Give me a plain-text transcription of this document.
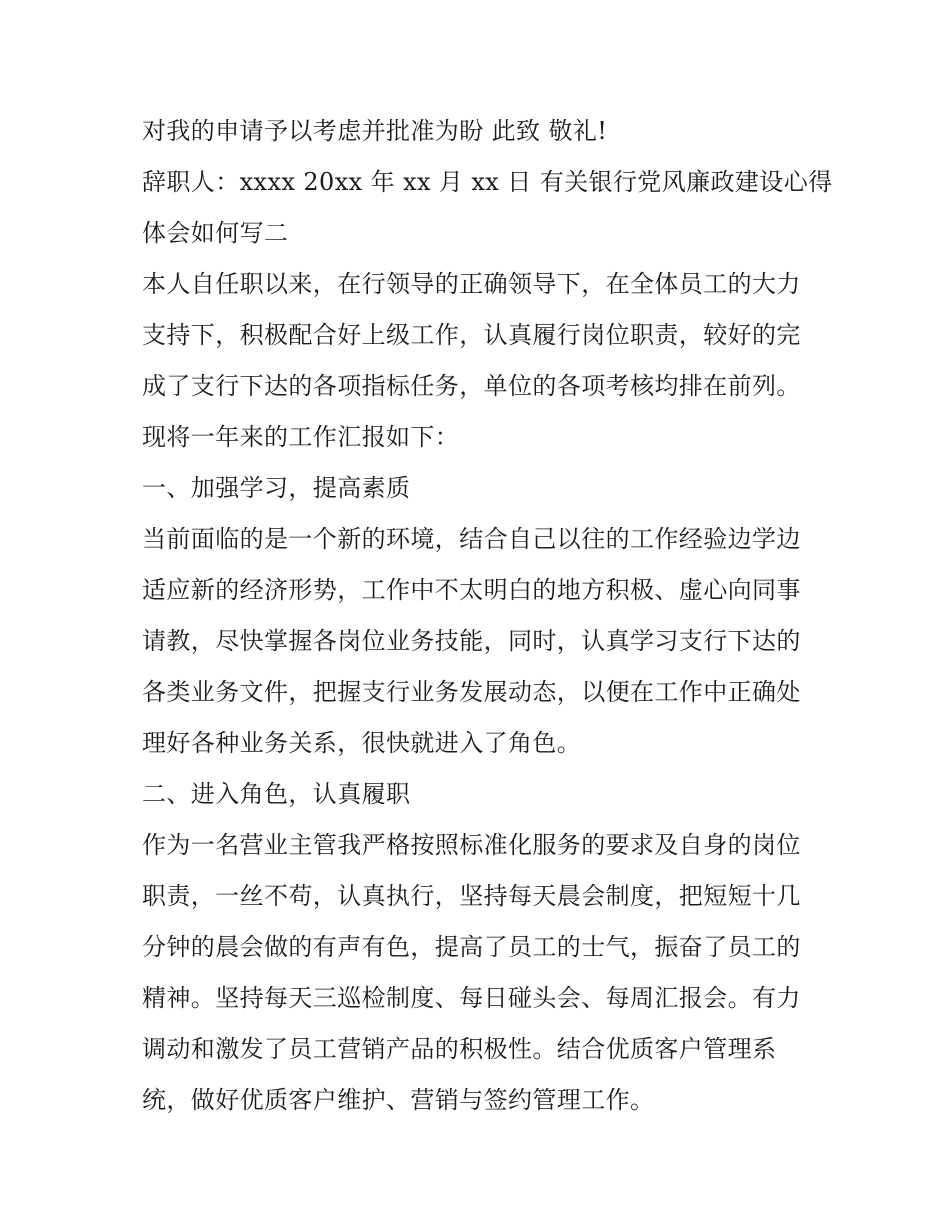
对我的申请予以考虑并批准为盼 此致 敬礼!
辞职人：xxxx 20xx 年 xx 月 xx 日 有关银行党风廉政建设心得
体会如何写二
本人自任职以来，在行领导的正确领导下，在全体员工的大力
支持下，积极配合好上级工作，认真履行岗位职责，较好的完
成了支行下达的各项指标任务，单位的各项考核均排在前列。
现将一年来的工作汇报如下：
一、加强学习，提高素质
当前面临的是一个新的环境，结合自己以往的工作经验边学边
适应新的经济形势，工作中不太明白的地方积极、虚心向同事
请教，尽快掌握各岗位业务技能，同时，认真学习支行下达的
各类业务文件，把握支行业务发展动态，以便在工作中正确处
理好各种业务关系，很快就进入了角色。
二、进入角色，认真履职
作为一名营业主管我严格按照标准化服务的要求及自身的岗位
职责，一丝不苟，认真执行，坚持每天晨会制度，把短短十几
分钟的晨会做的有声有色，提高了员工的士气，振奋了员工的
精神。坚持每天三巡检制度、每日碰头会、每周汇报会。有力
调动和激发了员工营销产品的积极性。结合优质客户管理系
统，做好优质客户维护、营销与签约管理工作。
